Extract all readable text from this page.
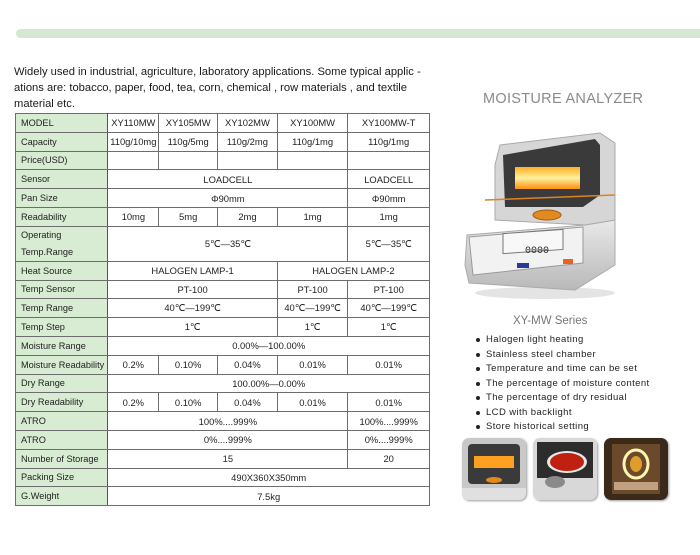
Widely used in industrial, agriculture, laboratory applications. Some typical applic -ations are: tobacco, paper, food, tea, corn, chemical , row materials , and textile material etc.	MOISTURE ANALYZER
MODEL	XY110MW	XY105MW	XY102MW	XY100MW	XY100MW-T
Capacity	110g/10mg	110g/5mg	110g/2mg	110g/1mg	110g/1mg
Price(USD)					
Sensor	LOADCELL				LOADCELL
Pan Size	Φ90mm				Φ90mm
Readability	10mg	5mg	2mg	1mg	1mg
Operating
Temp.Range	5℃—35℃				5℃—35℃
Heat Source	HALOGEN LAMP-1			HALOGEN LAMP-2	
Temp Sensor	PT-100			PT-100	PT-100
Temp Range	40℃—199℃			40℃—199℃	40℃—199℃
Temp Step	1℃			1℃	1℃
Moisture Range	0.00%—100.00%				
Moisture Readability	0.2%	0.10%	0.04%	0.01%	0.01%
Dry Range	100.00%—0.00%				
Dry Readability	0.2%	0.10%	0.04%	0.01%	0.01%
ATRO	100%....999%				100%....999%
ATRO	0%....999%				0%....999%
Number of Storage	15				20
Packing Size	490X360X350mm				
G.Weight	7.5kg				
0000
XY-MW Series
Halogen light heating
Stainless steel chamber
Temperature and time can be set
The percentage of moisture content
The percentage of dry residual
LCD with backlight
Store historical setting
